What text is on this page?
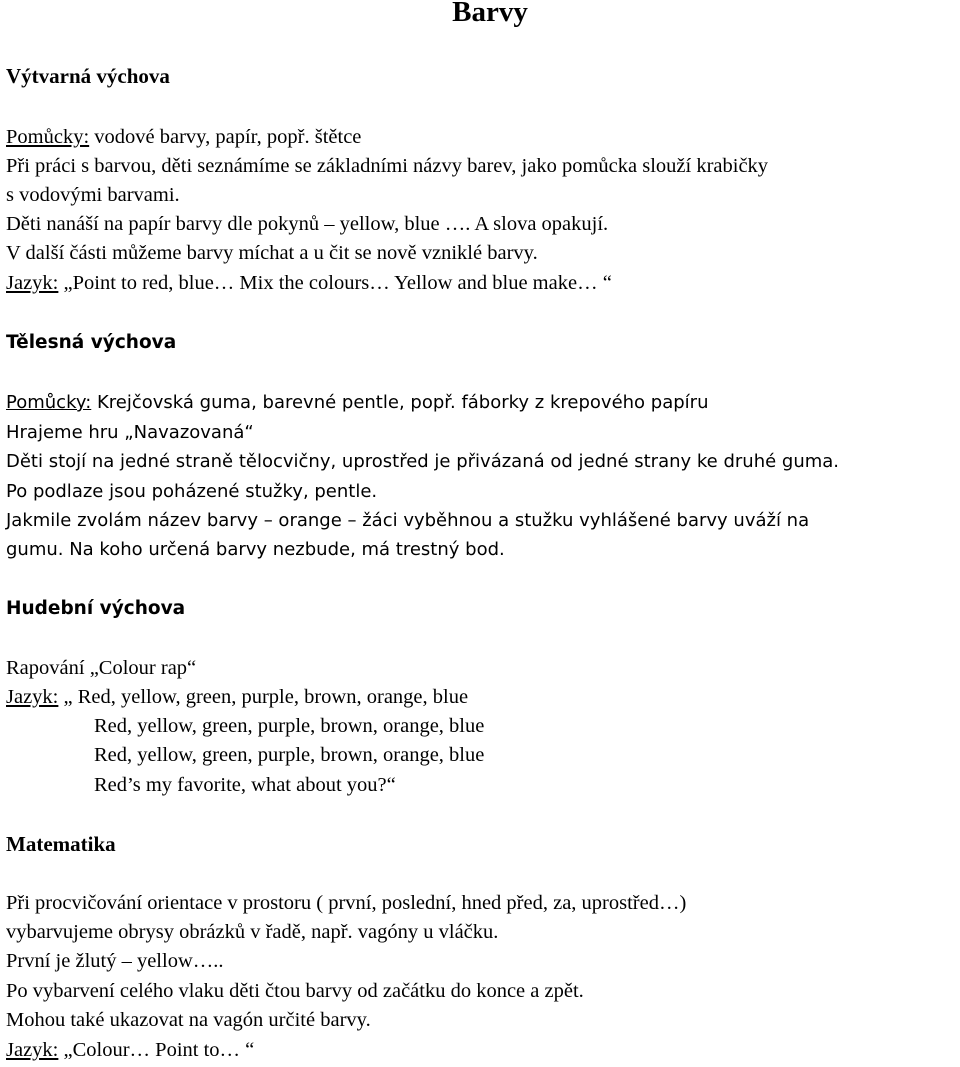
Barvy
Výtvarná výchova
Pomůcky: vodové barvy, papír, popř. štětce
Při práci s barvou, děti seznámíme se základními názvy barev, jako pomůcka slouží krabičky
s vodovými barvami.
Děti nanáší na papír barvy dle pokynů – yellow, blue …. A slova opakují.
V další části můžeme barvy míchat a u čit se nově vzniklé barvy.
Jazyk: „Point to red, blue… Mix the colours… Yellow and blue make… “
Tělesná výchova
Pomůcky: Krejčovská guma, barevné pentle, popř. fáborky z krepového papíru
Hrajeme hru „Navazovaná“
Děti stojí na jedné straně tělocvičny, uprostřed je přivázaná od jedné strany ke druhé guma.
Po podlaze jsou poházené stužky, pentle.
Jakmile zvolám název barvy – orange – žáci vyběhnou a stužku vyhlášené barvy uváží na
gumu. Na koho určená barvy nezbude, má trestný bod.
Hudební výchova
Rapování „Colour rap“
Jazyk: „ Red, yellow, green, purple, brown, orange, blue
Red, yellow, green, purple, brown, orange, blue
Red, yellow, green, purple, brown, orange, blue
Red’s my favorite, what about you?“
Matematika
Při procvičování orientace v prostoru ( první, poslední, hned před, za, uprostřed…)
vybarvujeme obrysy obrázků v řadě, např. vagóny u vláčku.
První je žlutý – yellow…..
Po vybarvení celého vlaku děti čtou barvy od začátku do konce a zpět.
Mohou také ukazovat na vagón určité barvy.
Jazyk: „Colour… Point to… “
